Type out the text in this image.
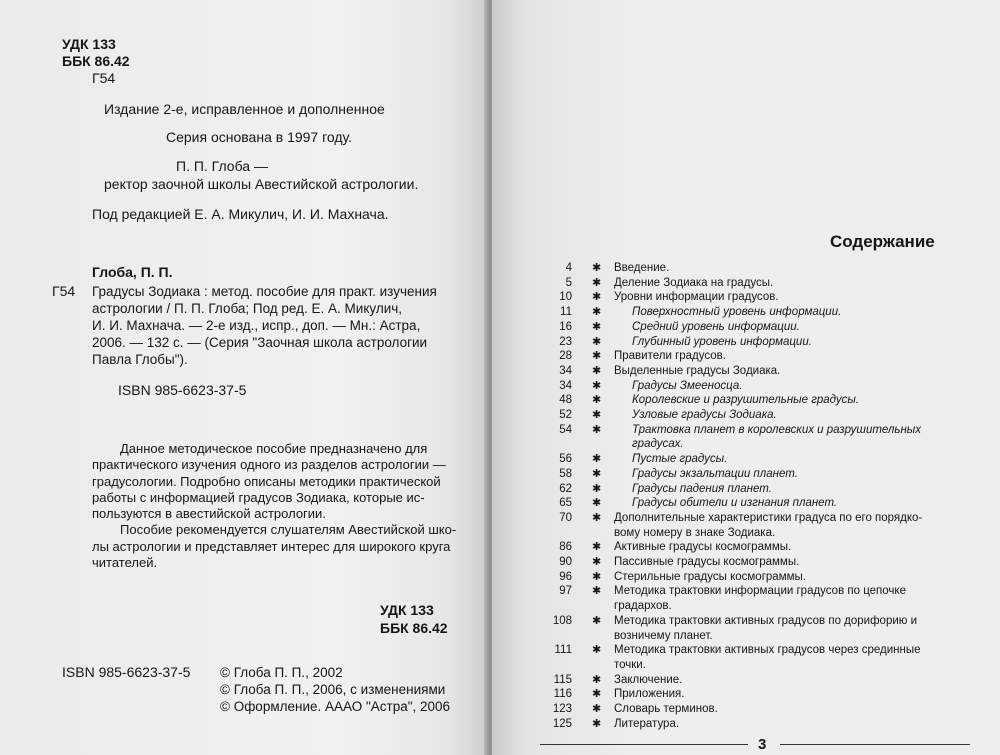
УДК 133
ББК 86.42
Г54
Издание 2-е, исправленное и дополненное
Серия основана в 1997 году.
П. П. Глоба —
ректор заочной школы Авестийской астрологии.
Под редакцией Е. А. Микулич, И. И. Махнача.
Глоба, П. П.
Г54 Градусы Зодиака : метод. пособие для практ. изучения
астрологии / П. П. Глоба; Под ред. Е. А. Микулич,
И. И. Махнача. — 2-е изд., испр., доп. — Мн.: Астра,
2006. — 132 с. — (Серия "Заочная школа астрологии
Павла Глобы").
ISBN 985-6623-37-5
Данное методическое пособие предназначено для
практического изучения одного из разделов астрологии —
градусологии. Подробно описаны методики практической
работы с информацией градусов Зодиака, которые ис-
пользуются в авестийской астрологии.
Пособие рекомендуется слушателям Авестийской шко-
лы астрологии и представляет интерес для широкого круга
читателей.
УДК 133
ББК 86.42
ISBN 985-6623-37-5 © Глоба П. П., 2002
© Глоба П. П., 2006, с изменениями
© Оформление. АААО "Астра", 2006
Содержание
4 ✱ Введение.
5 ✱ Деление Зодиака на градусы.
10 ✱ Уровни информации градусов.
11 ✱	Поверхностный уровень информации.
16 ✱	Средний уровень информации.
23 ✱	Глубинный уровень информации.
28 ✱ Правители градусов.
34 ✱ Выделенные градусы Зодиака.
34 ✱	Градусы Змееносца.
48 ✱	Королевские и разрушительные градусы.
52 ✱	Узловые градусы Зодиака.
54 ✱	Трактовка планет в королевских и разрушительных
градусах.
56 ✱	Пустые градусы.
58 ✱	Градусы экзальтации планет.
62 ✱	Градусы падения планет.
65 ✱	Градусы обители и изгнания планет.
70 ✱ Дополнительные характеристики градуса по его порядко-
вому номеру в знаке Зодиака.
86 ✱ Активные градусы космограммы.
90 ✱ Пассивные градусы космограммы.
96 ✱ Стерильные градусы космограммы.
97 ✱ Методика трактовки информации градусов по цепочке
градархов.
108 ✱ Методика трактовки активных градусов по дорифорию и
возничему планет.
111 ✱ Методика трактовки активных градусов через срединные
точки.
115 ✱ Заключение.
116 ✱ Приложения.
123 ✱ Словарь терминов.
125 ✱ Литература.
3
